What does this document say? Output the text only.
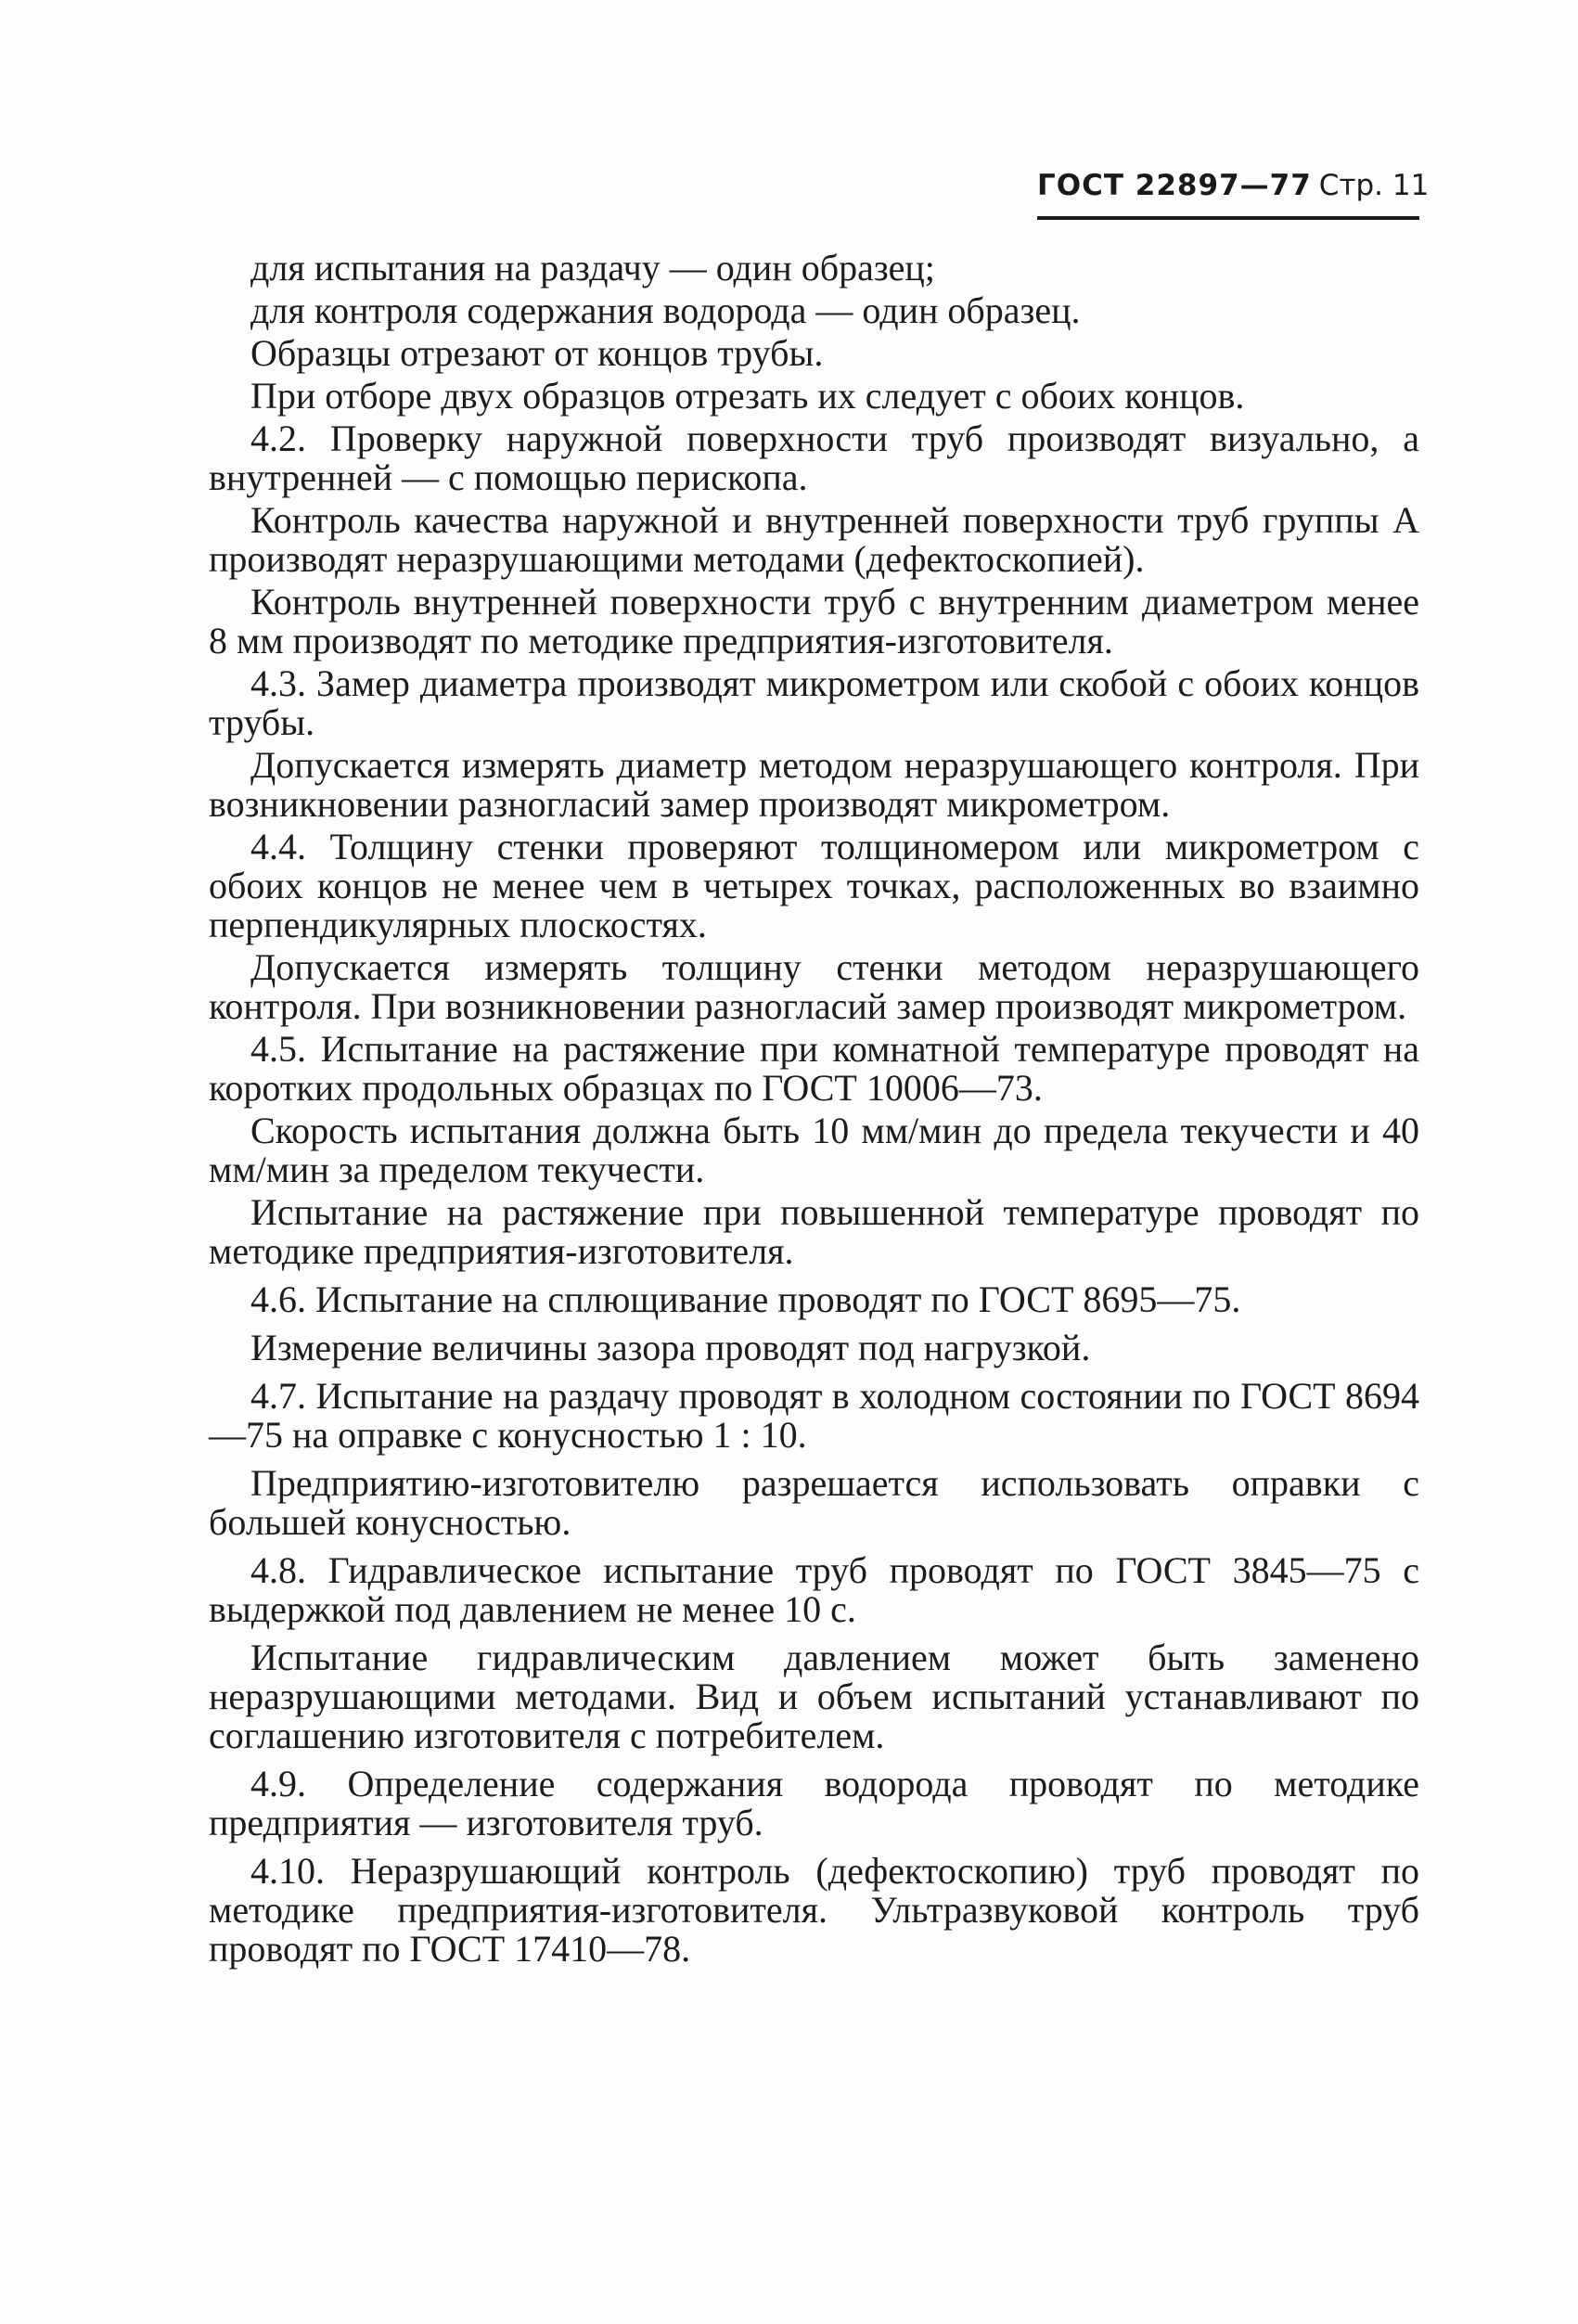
ГОСТ 22897—77 Стр. 11

для испытания на раздачу — один образец;

для контроля содержания водорода — один образец.

Образцы отрезают от концов трубы.

При отборе двух образцов отрезать их следует с обоих концов.

4.2. Проверку наружной поверхности труб производят визуально, а внутренней — с помощью перископа.

Контроль качества наружной и внутренней поверхности труб группы А производят неразрушающими методами (дефектоскопией).

Контроль внутренней поверхности труб с внутренним диаметром менее 8 мм производят по методике предприятия-изготовителя.

4.3. Замер диаметра производят микрометром или скобой с обоих концов трубы.

Допускается измерять диаметр методом неразрушающего контроля. При возникновении разногласий замер производят микрометром.

4.4. Толщину стенки проверяют толщиномером или микрометром с обоих концов не менее чем в четырех точках, расположенных во взаимно перпендикулярных плоскостях.

Допускается измерять толщину стенки методом неразрушающего контроля. При возникновении разногласий замер производят микрометром.

4.5. Испытание на растяжение при комнатной температуре проводят на коротких продольных образцах по ГОСТ 10006—73.

Скорость испытания должна быть 10 мм/мин до предела текучести и 40 мм/мин за пределом текучести.

Испытание на растяжение при повышенной температуре проводят по методике предприятия-изготовителя.

4.6. Испытание на сплющивание проводят по ГОСТ 8695—75.

Измерение величины зазора проводят под нагрузкой.

4.7. Испытание на раздачу проводят в холодном состоянии по ГОСТ 8694—75 на оправке с конусностью 1 : 10.

Предприятию-изготовителю разрешается использовать оправки с большей конусностью.

4.8. Гидравлическое испытание труб проводят по ГОСТ 3845—75 с выдержкой под давлением не менее 10 с.

Испытание гидравлическим давлением может быть заменено неразрушающими методами. Вид и объем испытаний устанавливают по соглашению изготовителя с потребителем.

4.9. Определение содержания водорода проводят по методике предприятия — изготовителя труб.

4.10. Неразрушающий контроль (дефектоскопию) труб проводят по методике предприятия-изготовителя. Ультразвуковой контроль труб проводят по ГОСТ 17410—78.
